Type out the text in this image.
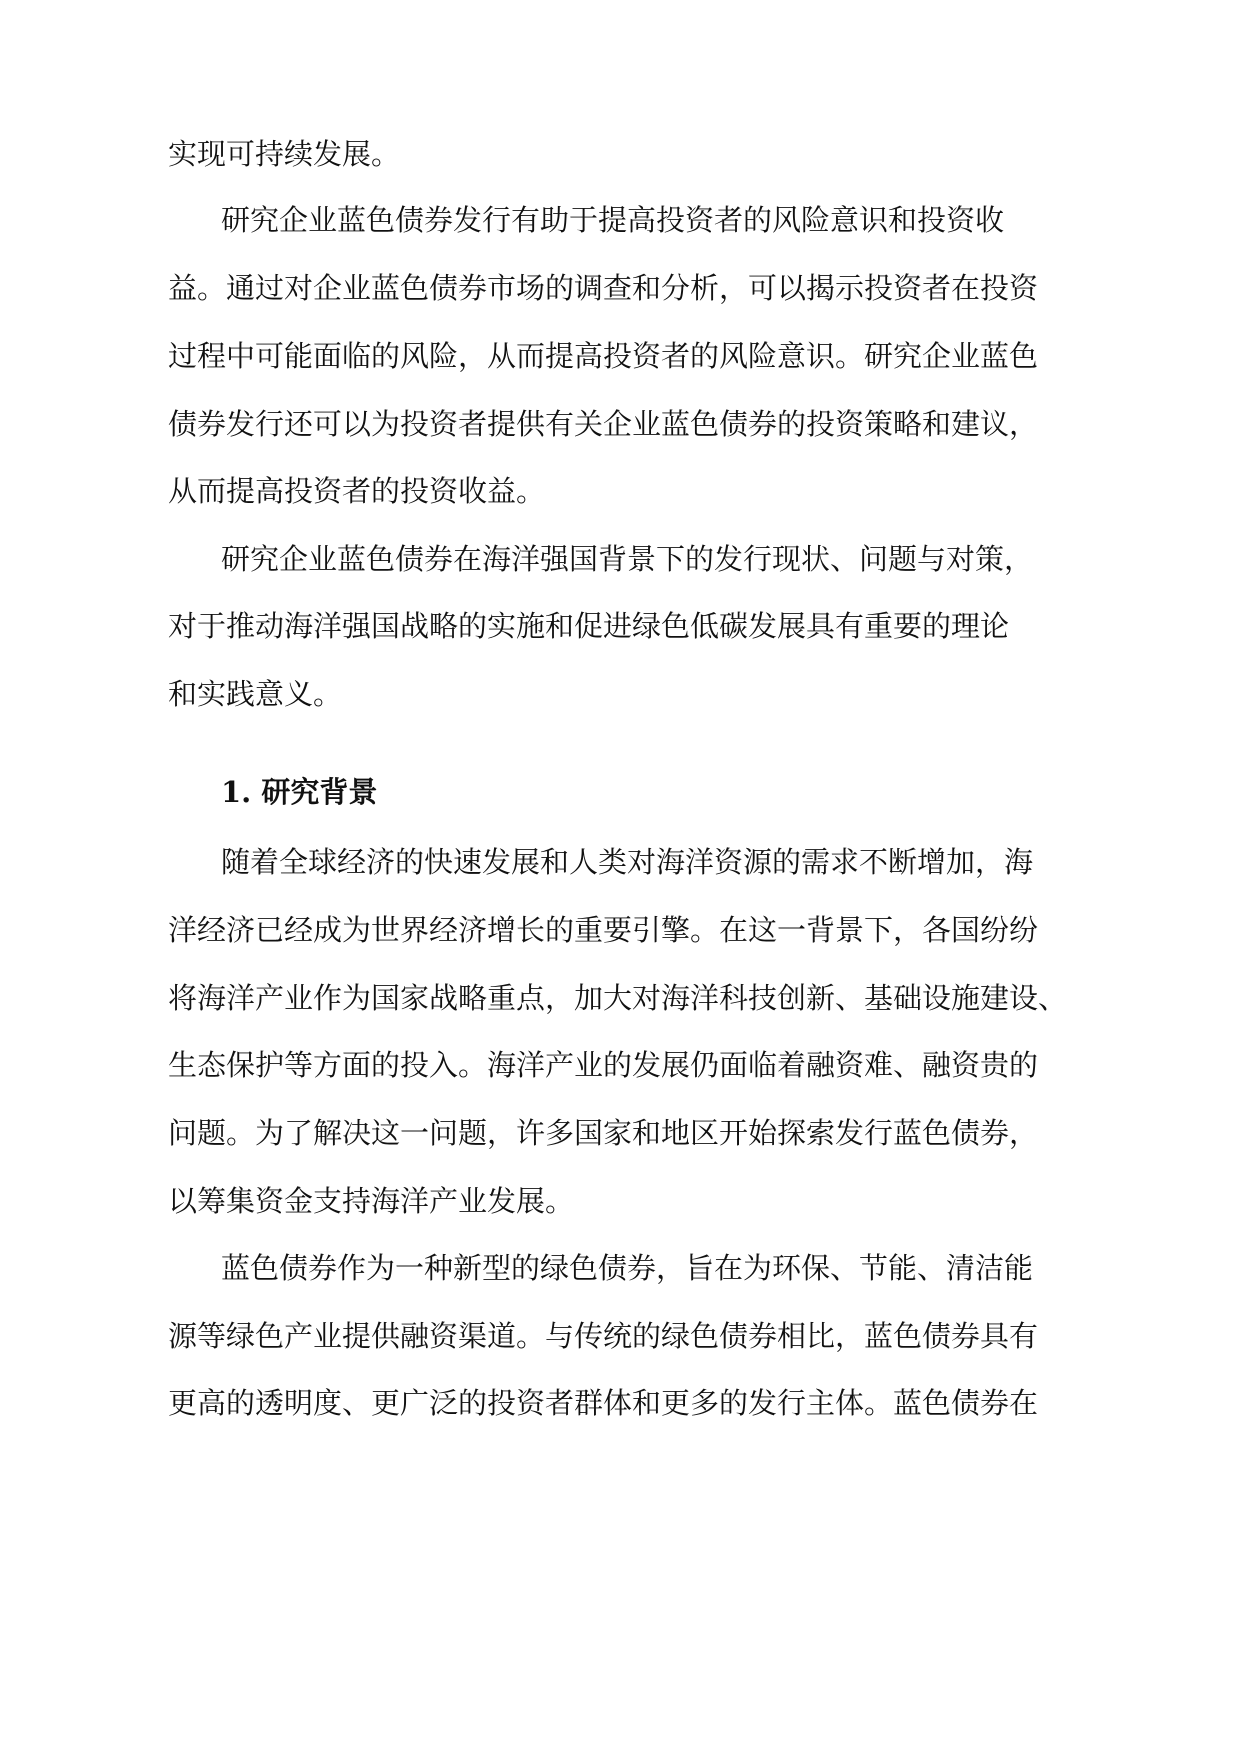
实现可持续发展。
研究企业蓝色债券发行有助于提高投资者的风险意识和投资收
益。通过对企业蓝色债券市场的调查和分析，可以揭示投资者在投资
过程中可能面临的风险，从而提高投资者的风险意识。研究企业蓝色
债券发行还可以为投资者提供有关企业蓝色债券的投资策略和建议，
从而提高投资者的投资收益。
研究企业蓝色债券在海洋强国背景下的发行现状、问题与对策，
对于推动海洋强国战略的实施和促进绿色低碳发展具有重要的理论
和实践意义。
1. 研究背景
随着全球经济的快速发展和人类对海洋资源的需求不断增加，海
洋经济已经成为世界经济增长的重要引擎。在这一背景下，各国纷纷
将海洋产业作为国家战略重点，加大对海洋科技创新、基础设施建设、
生态保护等方面的投入。海洋产业的发展仍面临着融资难、融资贵的
问题。为了解决这一问题，许多国家和地区开始探索发行蓝色债券，
以筹集资金支持海洋产业发展。
蓝色债券作为一种新型的绿色债券，旨在为环保、节能、清洁能
源等绿色产业提供融资渠道。与传统的绿色债券相比，蓝色债券具有
更高的透明度、更广泛的投资者群体和更多的发行主体。蓝色债券在
